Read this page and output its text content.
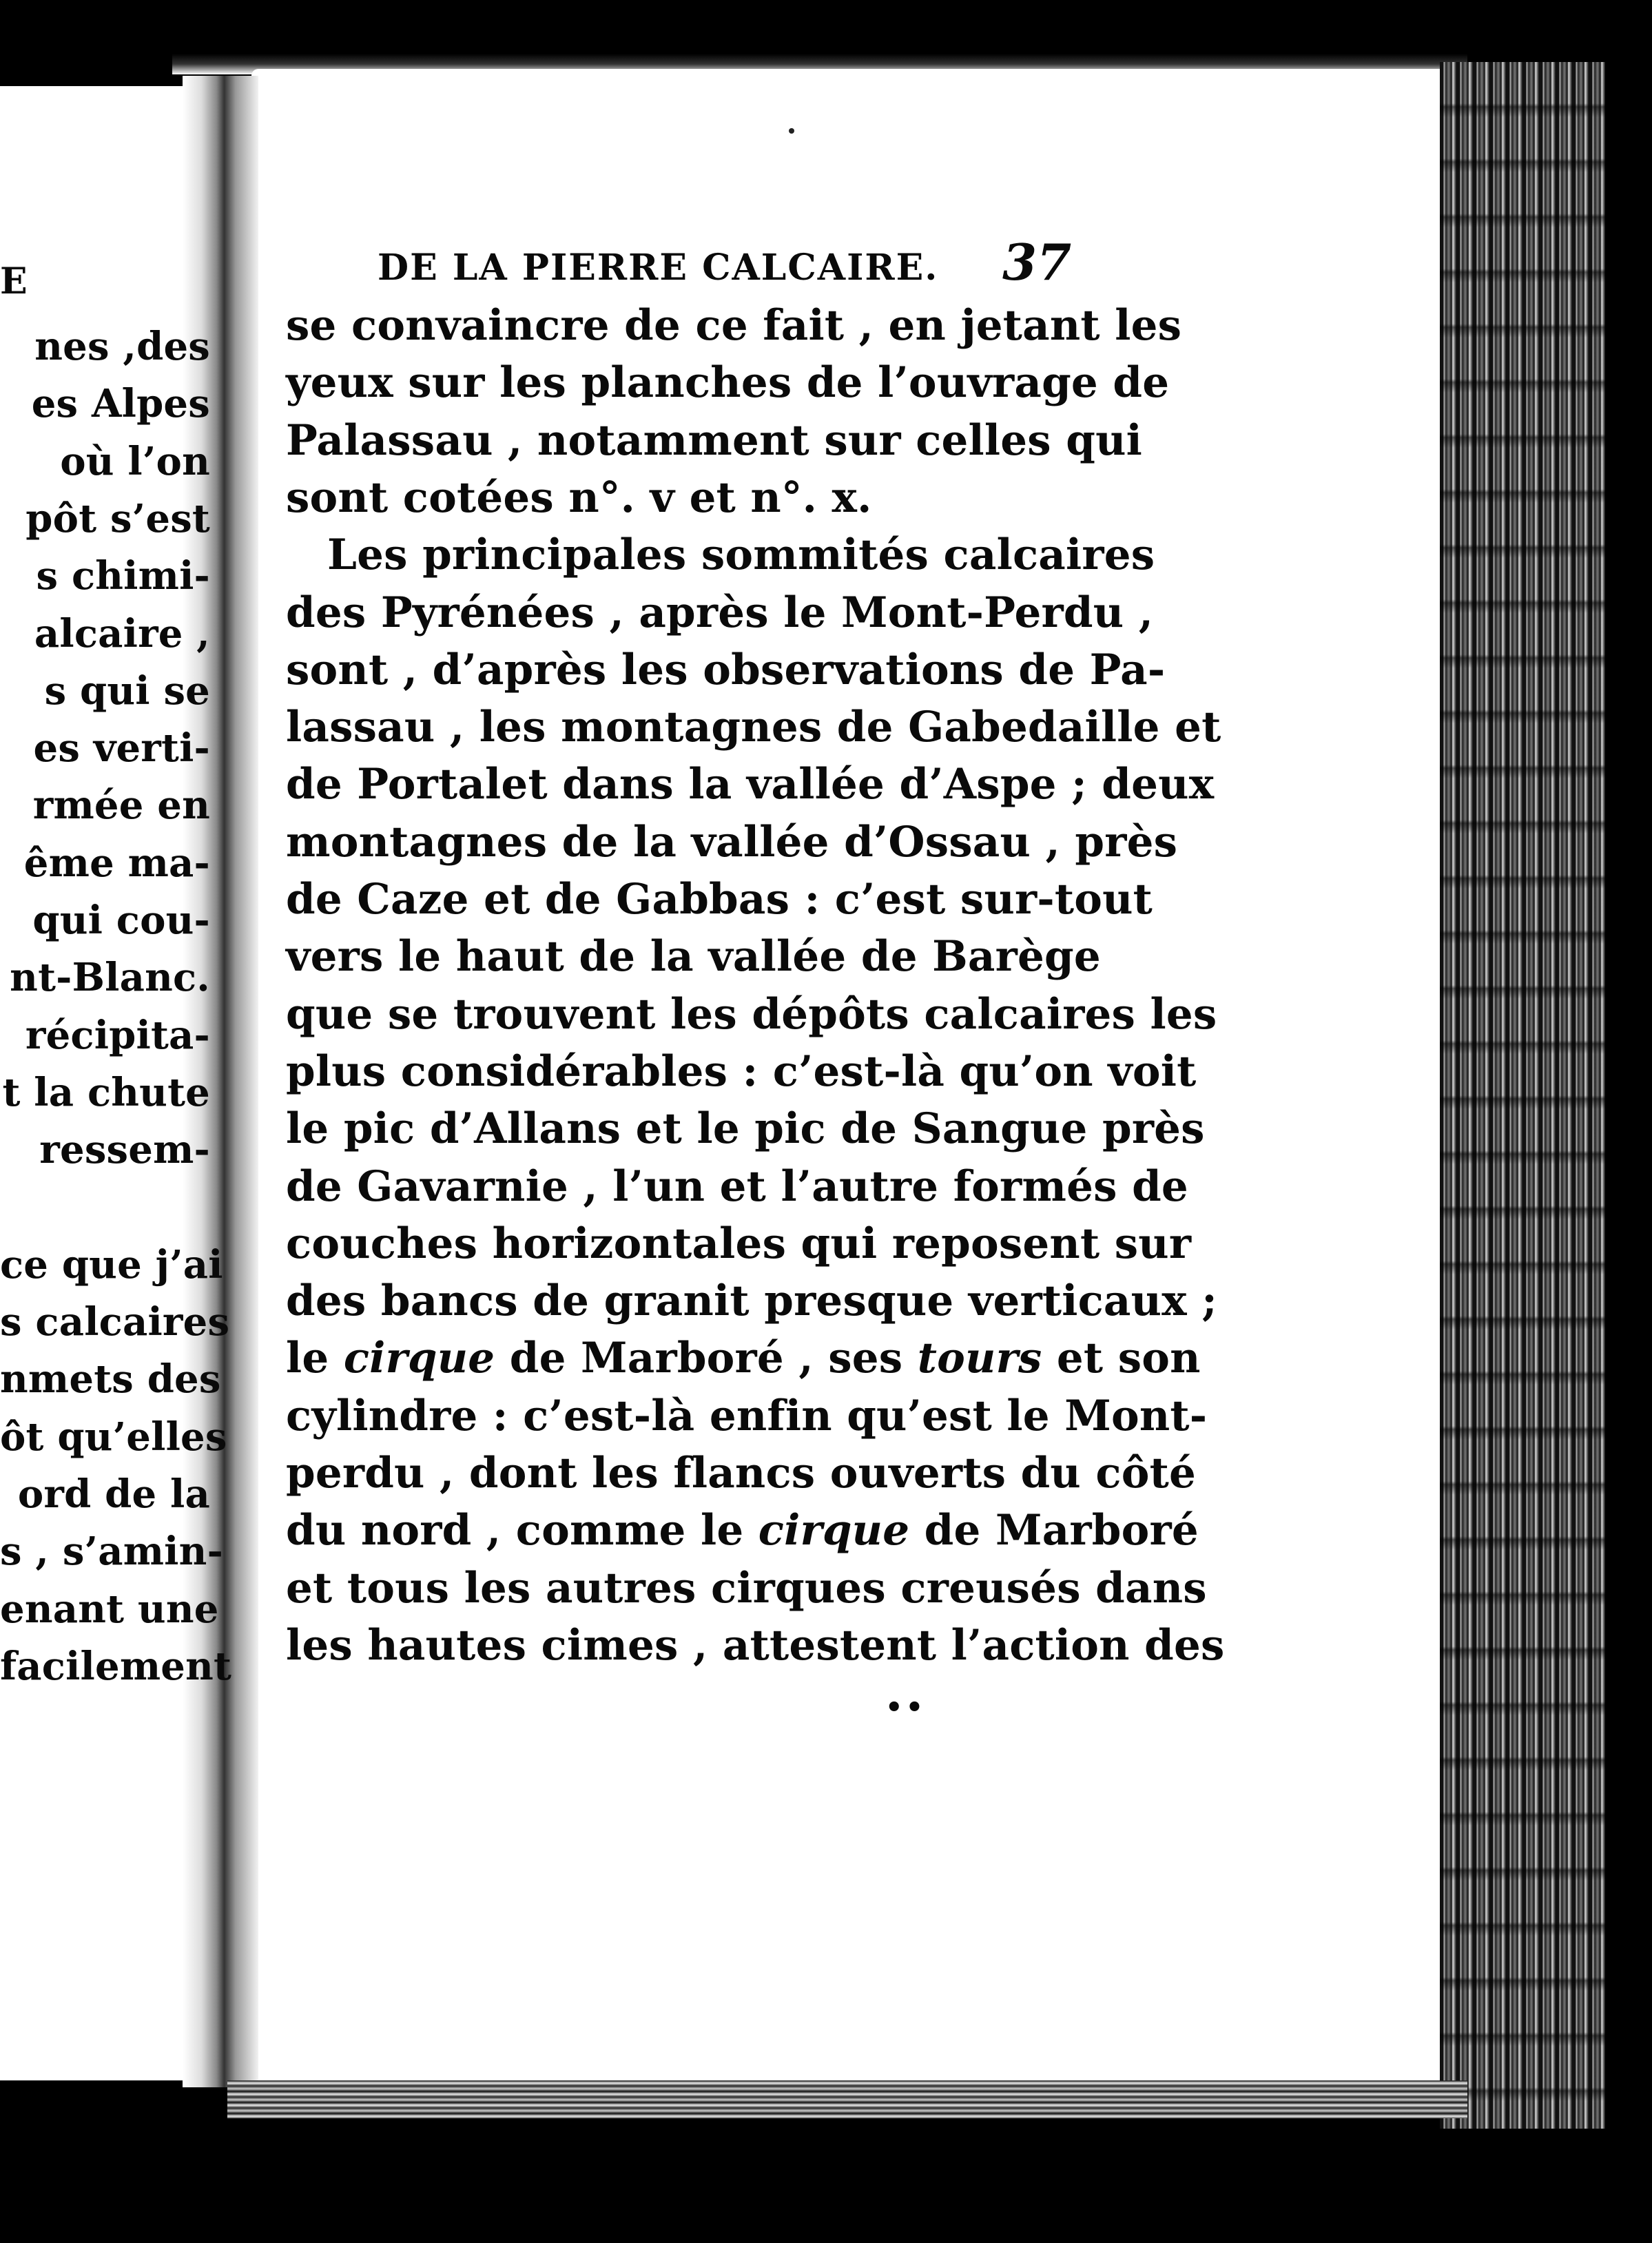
E
nes ,des
es Alpes
où l’on
pôt s’est
s chimi-
alcaire ,
s qui se
es verti-
rmée en
ême ma-
qui cou-
nt-Blanc.
récipita-
t la chute
ressem-
ce que j’ai
s calcaires
nmets des
ôt qu’elles
ord de la
s , s’amin-
enant une
facilement
DE LA PIERRE CALCAIRE. 37
se convaincre de ce fait , en jetant les
yeux sur les planches de l’ouvrage de
Palassau , notamment sur celles qui
sont cotées n°. v et n°. x.
Les principales sommités calcaires
des Pyrénées , après le Mont-Perdu ,
sont , d’après les observations de Pa-
lassau , les montagnes de Gabedaille et
de Portalet dans la vallée d’Aspe ; deux
montagnes de la vallée d’Ossau , près
de Caze et de Gabbas : c’est sur-tout
vers le haut de la vallée de Barège
que se trouvent les dépôts calcaires les
plus considérables : c’est-là qu’on voit
le pic d’Allans et le pic de Sangue près
de Gavarnie , l’un et l’autre formés de
couches horizontales qui reposent sur
des bancs de granit presque verticaux ;
le cirque de Marboré , ses tours et son
cylindre : c’est-là enfin qu’est le Mont-
perdu , dont les flancs ouverts du côté
du nord , comme le cirque de Marboré
et tous les autres cirques creusés dans
les hautes cimes , attestent l’action des
••
